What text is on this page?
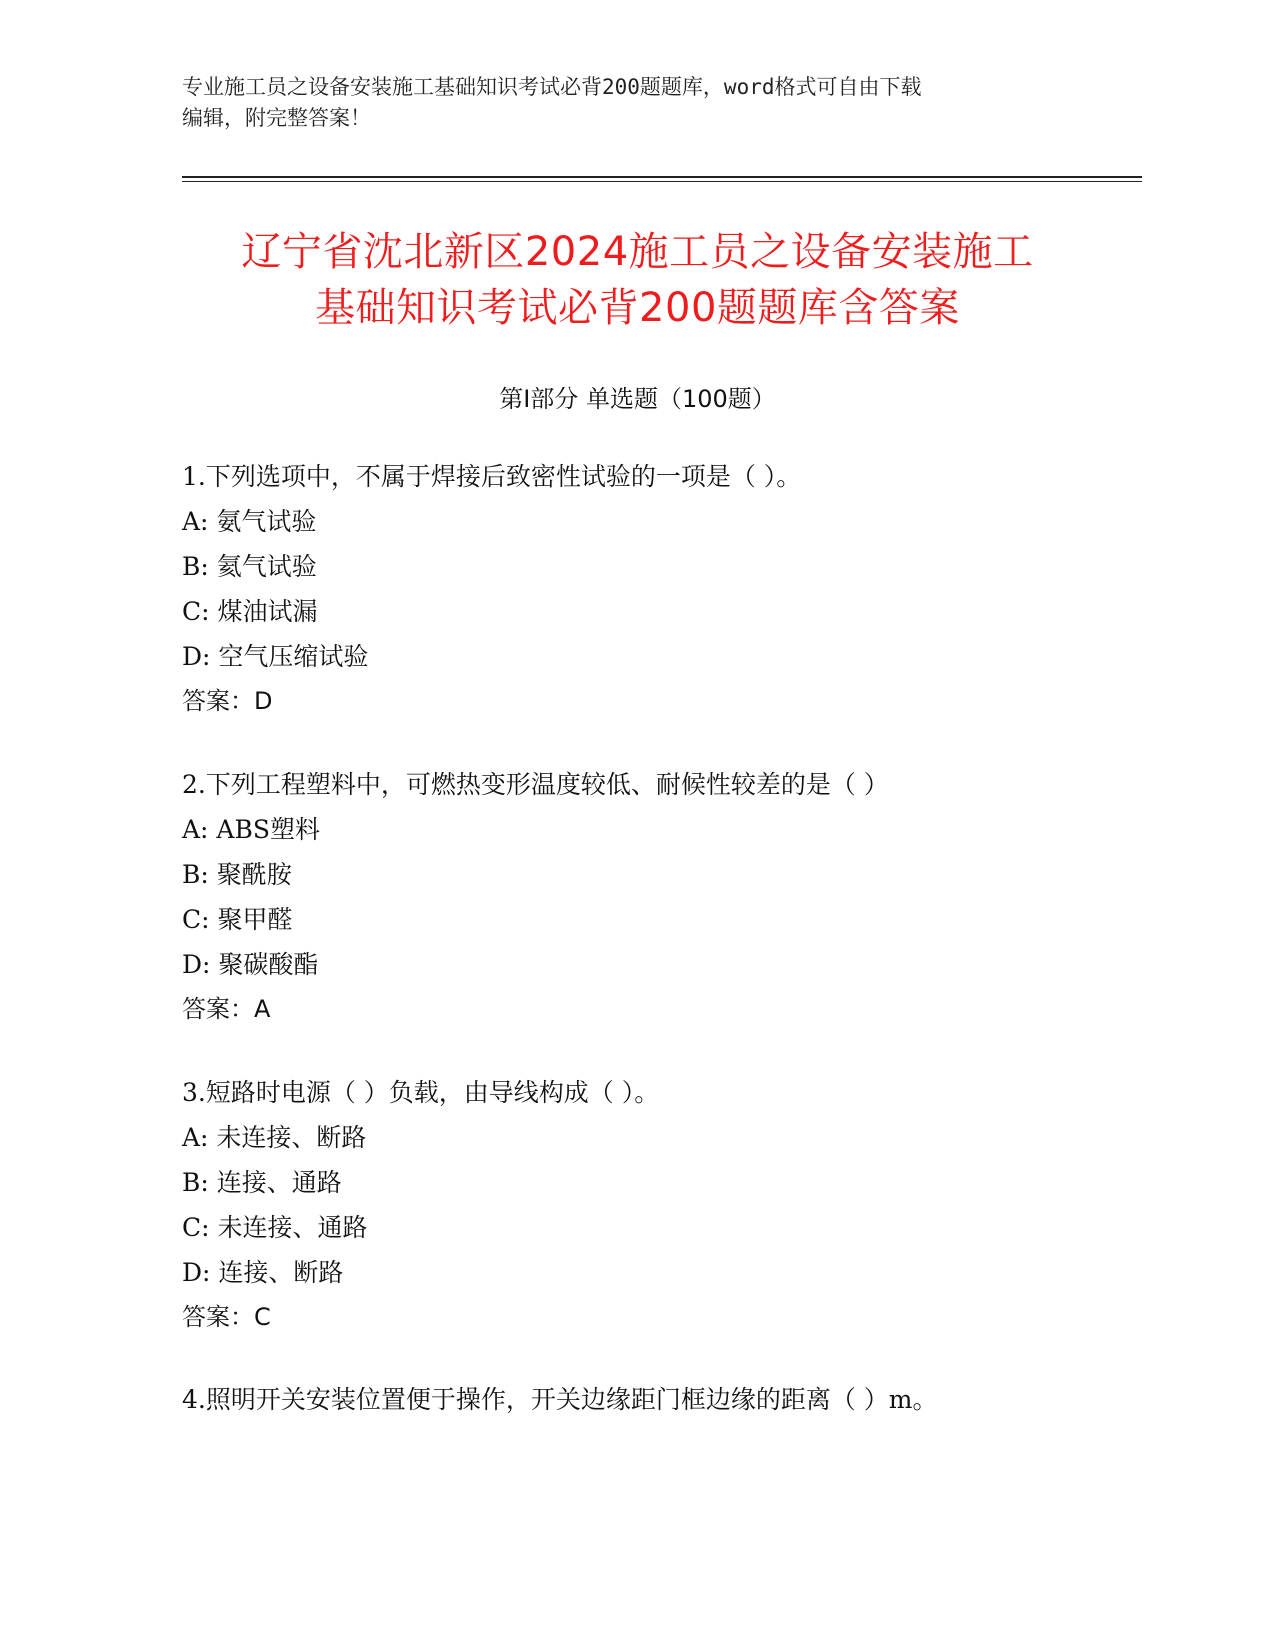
专业施工员之设备安装施工基础知识考试必背200题题库，word格式可自由下载
编辑，附完整答案！
辽宁省沈北新区2024施工员之设备安装施工
基础知识考试必背200题题库含答案
第Ⅰ部分 单选题（100题）
1.下列选项中，不属于焊接后致密性试验的一项是（ ）。
A: 氨气试验
B: 氦气试验
C: 煤油试漏
D: 空气压缩试验
答案：D
2.下列工程塑料中，可燃热变形温度较低、耐候性较差的是（ ）
A: ABS塑料
B: 聚酰胺
C: 聚甲醛
D: 聚碳酸酯
答案：A
3.短路时电源（ ）负载，由导线构成（ ）。
A: 未连接、断路
B: 连接、通路
C: 未连接、通路
D: 连接、断路
答案：C
4.照明开关安装位置便于操作，开关边缘距门框边缘的距离（ ）m。
